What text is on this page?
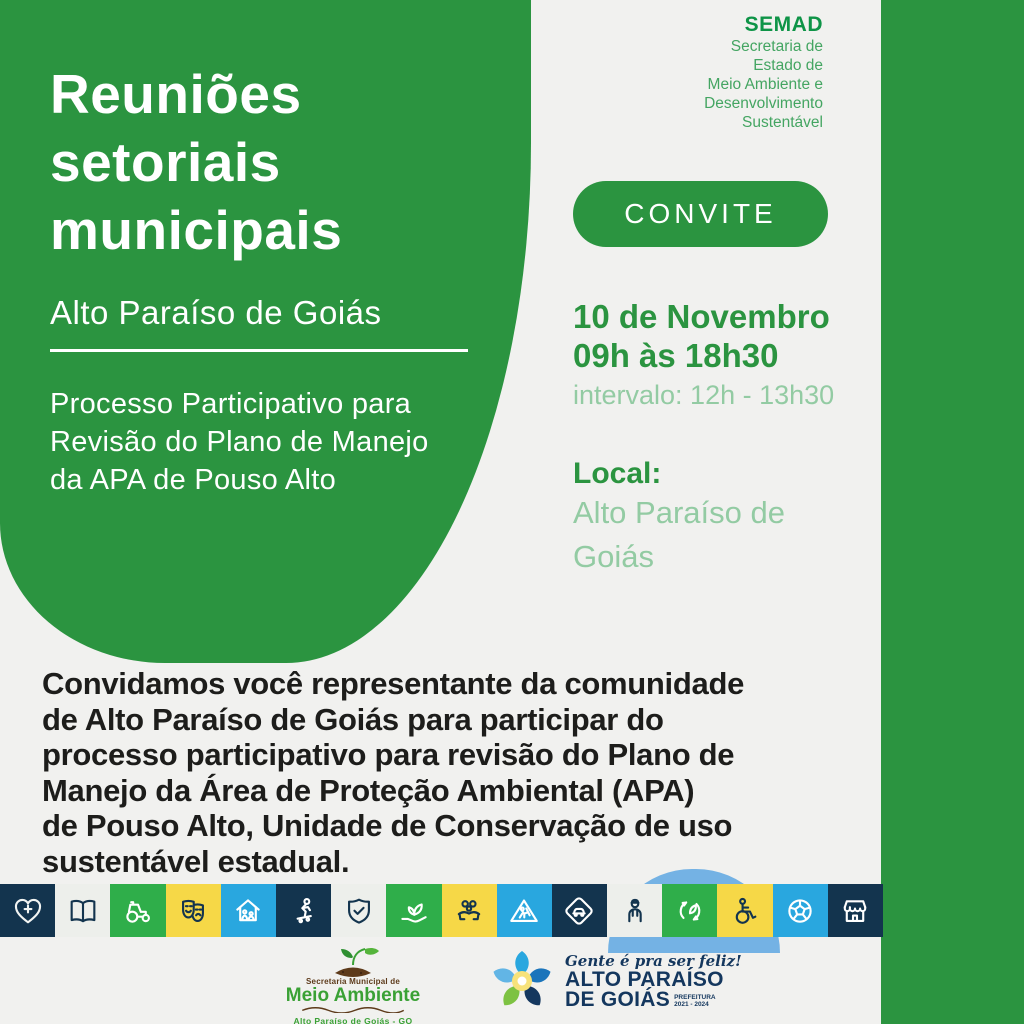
Reuniões
setoriais
municipais
Alto Paraíso de Goiás
Processo Participativo para
Revisão do Plano de Manejo
da APA de Pouso Alto
SEMAD
Secretaria de
Estado de
Meio Ambiente e
Desenvolvimento
Sustentável
CONVITE
10 de Novembro
09h às 18h30
intervalo: 12h - 13h30
Local:
Alto Paraíso de
Goiás
Convidamos você representante da comunidade
de Alto Paraíso de Goiás para participar do
processo participativo para revisão do Plano de
Manejo da Área de Proteção Ambiental (APA)
de Pouso Alto, Unidade de Conservação de uso
sustentável estadual.
Secretaria Municipal de
Meio Ambiente
Alto Paraíso de Goiás - GO
Gente é pra ser feliz!
ALTO PARAÍSO
DE GOIÁS PREFEITURA
2021 - 2024
